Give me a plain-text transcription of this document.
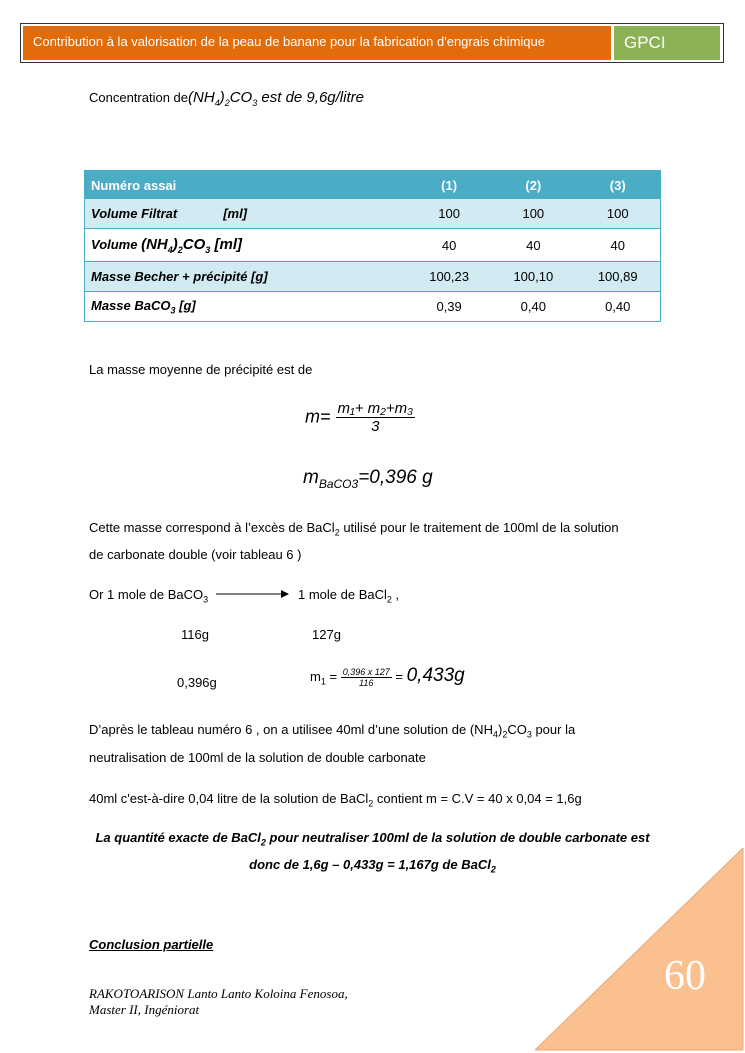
Contribution à la valorisation de la peau de banane pour la fabrication d'engrais chimique	GPCI
Concentration $de(NH_4)_2CO_3$ est de 9,6g/litre
Numéro assai	(1)	(2)	(3)
Volume Filtrat [ml]	100	100	100
Volume $(NH_4)_2CO_3$ [ml]	40	40	40
Masse Becher + précipité [g]	100,23	100,10	100,89
Masse BaCO$_3$ [g]	0,39	0,40	0,40
La masse moyenne de précipité est de
$m= \frac{\text{m₁+ m₂+m₃}}{3}$
$m_{BaCO3}=0,396$ g
Cette masse correspond à l’excès de BaCl$_2$ utilisé pour le traitement de 100ml de la solution
de carbonate double (voir tableau 6 )
Or 1 mole de BaCO$_3$	1 mole de BaCl$_2$ ,
116g	127g
0,396g	$m_1 = \frac{0,396 x 127}{116} = 0,433g$
D’après le tableau numéro 6 , on a utilisee 40ml d’une solution de $(NH_4)_2CO_3$ pour la
neutralisation de 100ml de la solution de double carbonate
40ml c'est-à-dire 0,04 litre de la solution de BaCl$_2$ contient m = C.V = 40 x 0,04 = 1,6g
La quantité exacte de BaCl$_2$ pour neutraliser 100ml de la solution de double carbonate est
donc de 1,6g – 0,433g = 1,167g de BaCl$_2$
Conclusion partielle
60
RAKOTOARISON Lanto Lanto Koloina Fenosoa,
Master II, Ingéniorat
